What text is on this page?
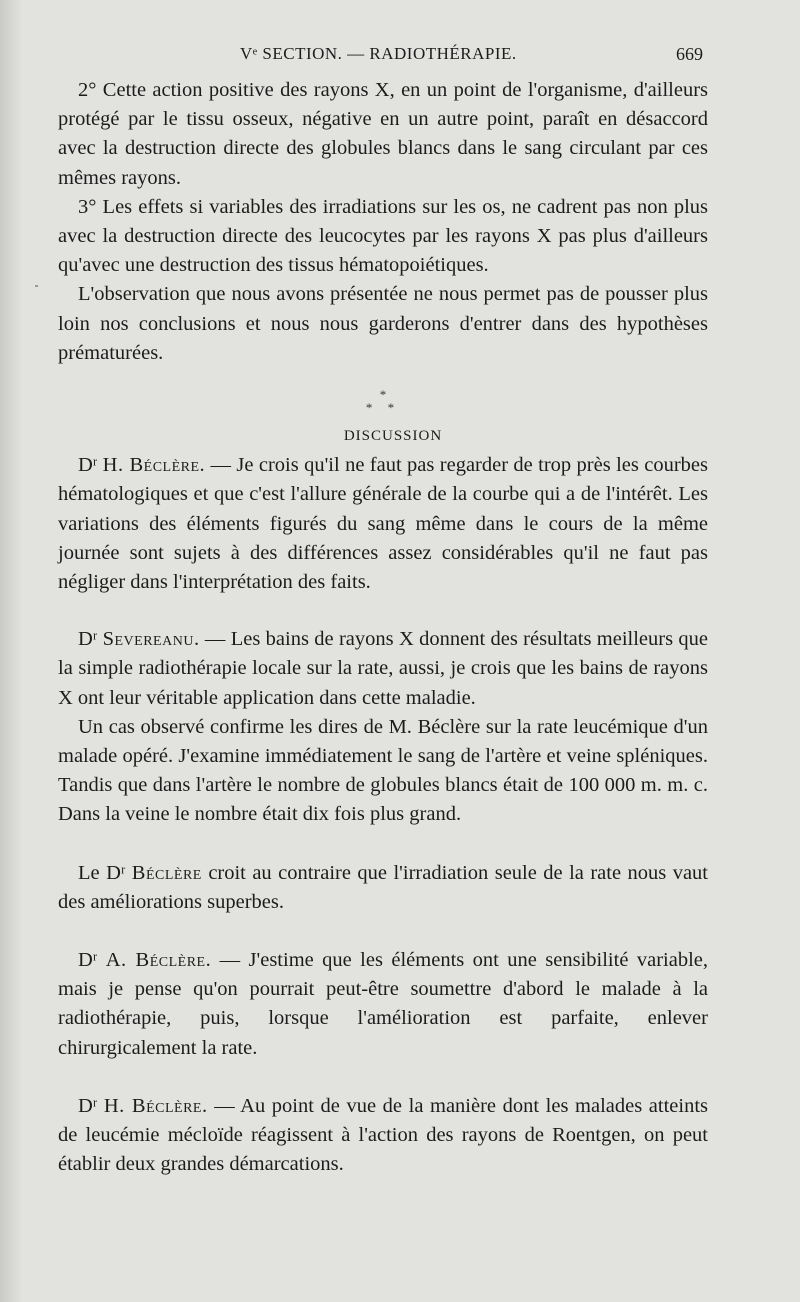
Vᵉ SECTION. — RADIOTHÉRAPIE.	669

2° Cette action positive des rayons X, en un point de l'organisme, d'ailleurs protégé par le tissu osseux, négative en un autre point, paraît en désaccord avec la destruction directe des globules blancs dans le sang circulant par ces mêmes rayons.

3° Les effets si variables des irradiations sur les os, ne cadrent pas non plus avec la destruction directe des leucocytes par les rayons X pas plus d'ailleurs qu'avec une destruction des tissus hématopoiétiques.

L'observation que nous avons présentée ne nous permet pas de pousser plus loin nos conclusions et nous nous garderons d'entrer dans des hypothèses prématurées.

*
* *

DISCUSSION

Dʳ H. Béclère. — Je crois qu'il ne faut pas regarder de trop près les courbes hématologiques et que c'est l'allure générale de la courbe qui a de l'intérêt. Les variations des éléments figurés du sang même dans le cours de la même journée sont sujets à des différences assez considérables qu'il ne faut pas négliger dans l'interprétation des faits.

Dʳ Severeanu. — Les bains de rayons X donnent des résultats meilleurs que la simple radiothérapie locale sur la rate, aussi, je crois que les bains de rayons X ont leur véritable application dans cette maladie.

Un cas observé confirme les dires de M. Béclère sur la rate leucémique d'un malade opéré. J'examine immédiatement le sang de l'artère et veine spléniques. Tandis que dans l'artère le nombre de globules blancs était de 100 000 m. m. c. Dans la veine le nombre était dix fois plus grand.

Le Dʳ Béclère croit au contraire que l'irradiation seule de la rate nous vaut des améliorations superbes.

Dʳ A. Béclère. — J'estime que les éléments ont une sensibilité variable, mais je pense qu'on pourrait peut-être soumettre d'abord le malade à la radiothérapie, puis, lorsque l'amélioration est parfaite, enlever chirurgicalement la rate.

Dʳ H. Béclère. — Au point de vue de la manière dont les malades atteints de leucémie mécloïde réagissent à l'action des rayons de Roentgen, on peut établir deux grandes démarcations.
